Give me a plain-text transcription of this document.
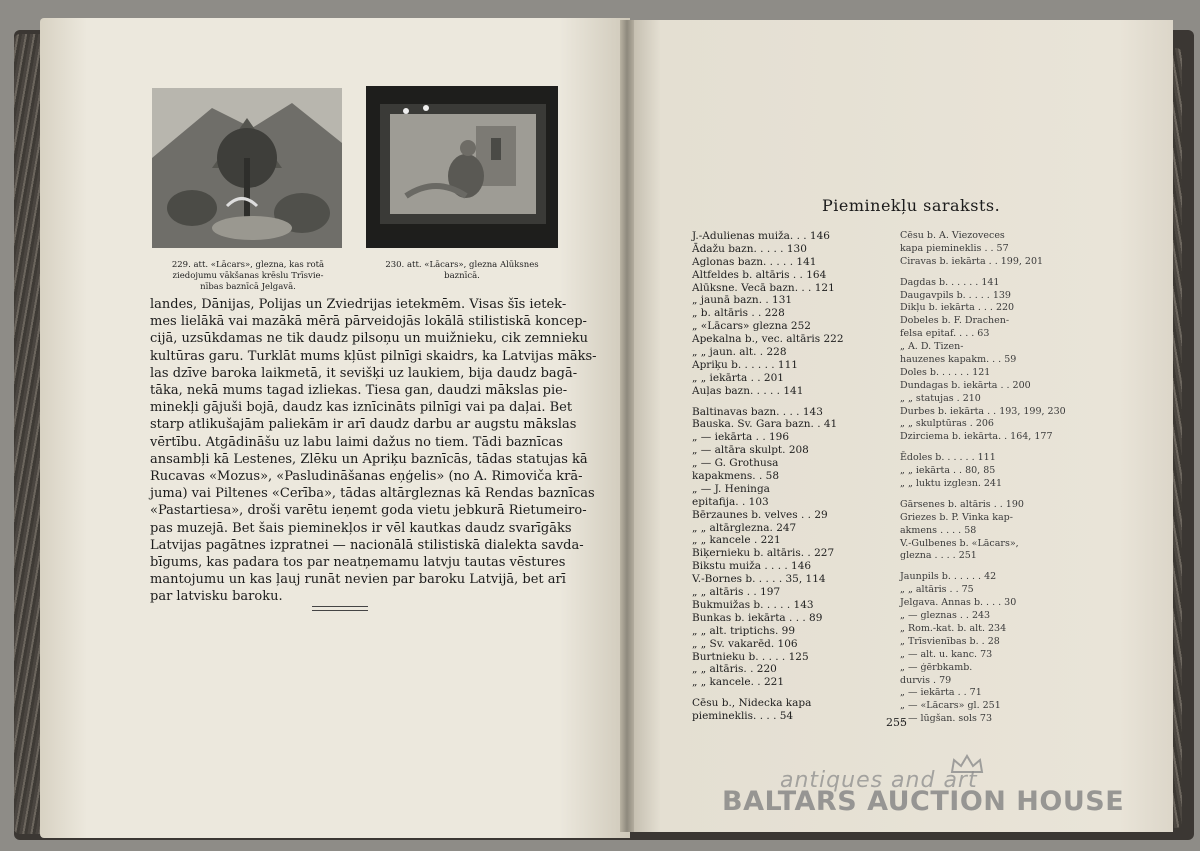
229. att. «Lācars», glezna, kas rotā
ziedojumu vākšanas krēslu Trīsvie-
nības baznīcā Jelgavā.
230. att. «Lācars», glezna Alūksnes
baznīcā.
landes, Dānijas, Polijas un Zviedrijas ietekmēm. Visas šīs ietek-
mes lielākā vai mazākā mērā pārveidojās lokālā stilistiskā koncep-
cijā, uzsūkdamas ne tik daudz pilsoņu un muižnieku, cik zemnieku
kultūras garu. Turklāt mums kļūst pilnīgi skaidrs, ka Latvijas māks-
las dzīve baroka laikmetā, it sevišķi uz laukiem, bija daudz bagā-
tāka, nekā mums tagad izliekas. Tiesa gan, daudzi mākslas pie-
minekļi gājuši bojā, daudz kas iznīcināts pilnīgi vai pa daļai. Bet
starp atlikušajām paliekām ir arī daudz darbu ar augstu mākslas
vērtību. Atgādināšu uz labu laimi dažus no tiem. Tādi baznīcas
ansambļi kā Lestenes, Zlēku un Apriķu baznīcās, tādas statujas kā
Rucavas «Mozus», «Pasludināšanas eņģelis» (no A. Rimoviča krā-
juma) vai Piltenes «Cerība», tādas altārgleznas kā Rendas baznīcas
«Pastartiesa», droši varētu ieņemt goda vietu jebkurā Rietumeiro-
pas muzejā. Bet šais pieminekļos ir vēl kautkas daudz svarīgāks
Latvijas pagātnes izpratnei — nacionālā stilistiskā dialekta savda-
bīgums, kas padara tos par neatņemamu latvju tautas vēstures
mantojumu un kas ļauj runāt nevien par baroku Latvijā, bet arī
par latvisku baroku.
Pieminekļu saraksts.
J.-Adulienas muiža. . . 146
Ādažu bazn. . . . . 130
Aglonas bazn. . . . . 141
Altfeldes b. altāris . . 164
Alūksne. Vecā bazn. . . 121
„ jaunā bazn. . 131
„ b. altāris . . 228
„ «Lācars» glezna 252
Apekalna b., vec. altāris 222
„ „ jaun. alt. . 228
Apriķu b. . . . . . 111
„ „ iekārta . . 201
Auļas bazn. . . . . 141
Baltinavas bazn. . . . 143
Bauska. Sv. Gara bazn. . 41
„ — iekārta . . 196
„ — altāra skulpt. 208
„ — G. Grothusa
kapakmens. . 58
„ — J. Heninga
epitafija. . 103
Bērzaunes b. velves . . 29
„ „ altārglezna. 247
„ „ kancele . 221
Biķernieku b. altāris. . 227
Bikstu muiža . . . . 146
V.-Bornes b. . . . . 35, 114
„ „ altāris . . 197
Bukmuižas b. . . . . 143
Bunkas b. iekārta . . . 89
„ „ alt. triptichs. 99
„ „ Sv. vakarēd. 106
Burtnieku b. . . . . 125
„ „ altāris. . 220
„ „ kancele. . 221
Cēsu b., Nidecka kapa
piemineklis. . . . 54
Cēsu b. A. Viezoveces
kapa piemineklis . . 57
Ciravas b. iekārta . . 199, 201
Dagdas b. . . . . . 141
Daugavpils b. . . . . 139
Dikļu b. iekārta . . . 220
Dobeles b. F. Drachen-
felsa epitaf. . . . 63
„ A. D. Tizen-
hauzenes kapakm. . . 59
Doles b. . . . . . 121
Dundagas b. iekārta . . 200
„ „ statujas . 210
Durbes b. iekārta . . 193, 199, 230
„ „ skulptūras . 206
Dzirciema b. iekārta. . 164, 177
Ēdoles b. . . . . . 111
„ „ iekārta . . 80, 85
„ „ luktu izgleзn. 241
Gārsenes b. altāris . . 190
Griezes b. P. Vinka kap-
akmens . . . . 58
V.-Gulbenes b. «Lācars»,
glezna . . . . 251
Jaunpils b. . . . . . 42
„ „ altāris . . 75
Jelgava. Annas b. . . . 30
„ — gleznas . . 243
„ Rom.-kat. b. alt. 234
„ Trīsvienības b. . 28
„ — alt. u. kanc. 73
„ — ģērbkamb.
durvis . 79
„ — iekārta . . 71
„ — «Lācars» gl. 251
„ — lūgšan. sols 73
255
antiques and art
BALTARS AUCTION HOUSE
